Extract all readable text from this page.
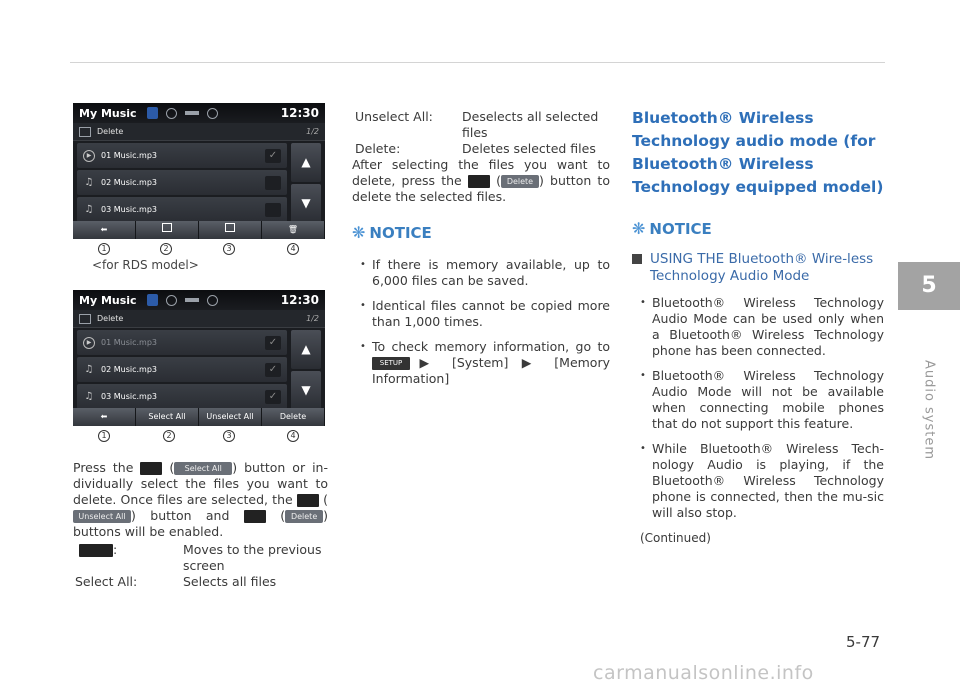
My Music	12:30
Delete	1/2
▶	01 Music.mp3	✓
♫ 02 Music.mp3
♫ 03 Music.mp3
▲
▼
⬅	🗑
1	2	3	4
<for RDS model>
My Music	12:30
Delete	1/2
▶	01 Music.mp3	✓
♫ 02 Music.mp3	✓
♫ 03 Music.mp3	✓
▲
▼
⬅	Select All	Unselect All	Delete
1	2	3	4

Press the  ( Select All ) button or in-dividually select the files you want to delete. Once files are selected, the  (Unselect All ) button and	( Delete ) buttons will be enabled.

:	Moves to the previous screen
Select All:	Selects all files
Unselect All:	Deselects all selected files
Delete:	Deletes selected files

After selecting the files you want to delete, press the  ( Delete ) button to delete the selected files.

❋ NOTICE
• If there is memory available, up to 6,000 files can be saved.
• Identical files cannot be copied more than 1,000 times.
• To check memory information, go to SETUP ▶ [System] ▶ [Memory Information]
Bluetooth® Wireless Technology audio mode (for Bluetooth® Wireless Technology equipped model)
❋ NOTICE
USING THE Bluetooth® Wire-less Technology Audio Mode
• Bluetooth® Wireless Technology Audio Mode can be used only when a Bluetooth® Wireless Technology phone has been connected.
• Bluetooth® Wireless Technology Audio Mode will not be available when connecting mobile phones that do not support this feature.
• While Bluetooth® Wireless Tech-nology Audio is playing, if the Bluetooth® Wireless Technology phone is connected, then the mu-sic will also stop.
(Continued)
5
Audio system
5-77
carmanualsonline.info
